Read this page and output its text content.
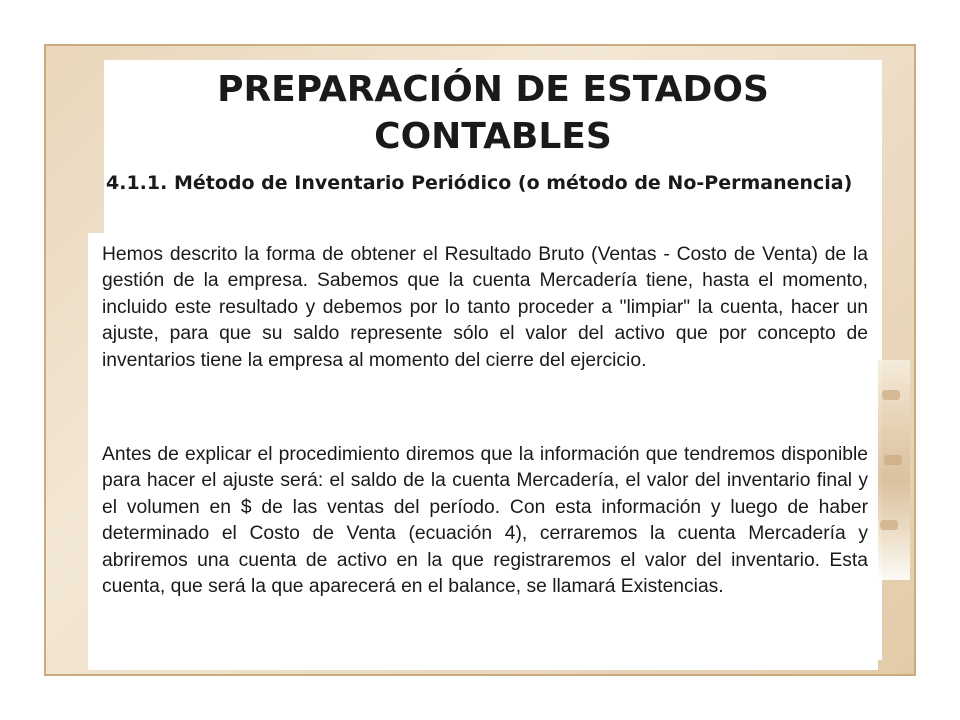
PREPARACIÓN DE ESTADOS
CONTABLES

4.1.1. Método de Inventario Periódico (o método de No-Permanencia)

Hemos descrito la forma de obtener el Resultado Bruto (Ventas - Costo de Venta) de la gestión de la empresa. Sabemos que la cuenta Mercadería tiene, hasta el momento, incluido este resultado y debemos por lo tanto proceder a "limpiar" la cuenta, hacer un ajuste, para que su saldo represente sólo el valor del activo que por concepto de inventarios tiene la empresa al momento del cierre del ejercicio.

Antes de explicar el procedimiento diremos que la información que tendremos disponible para hacer el ajuste será: el saldo de la cuenta Mercadería, el valor del inventario final y el volumen en $ de las ventas del período. Con esta información y luego de haber determinado el Costo de Venta (ecuación 4), cerraremos la cuenta Mercadería y abriremos una cuenta de activo en la que registraremos el valor del inventario. Esta cuenta, que será la que aparecerá en el balance, se llamará Existencias.
